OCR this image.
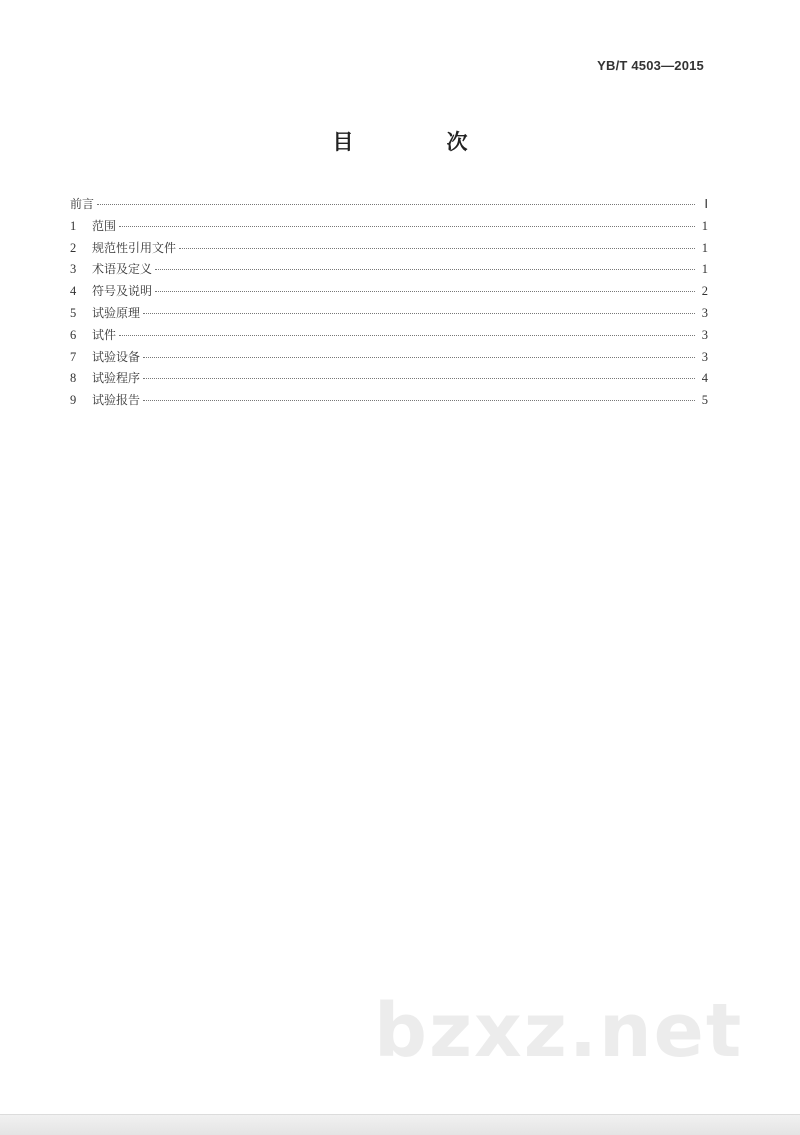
YB/T 4503—2015
目　次
前言	Ⅰ
1	范围	1
2	规范性引用文件	1
3	术语及定义	1
4	符号及说明	2
5	试验原理	3
6	试件	3
7	试验设备	3
8	试验程序	4
9	试验报告	5
bzxz.net
